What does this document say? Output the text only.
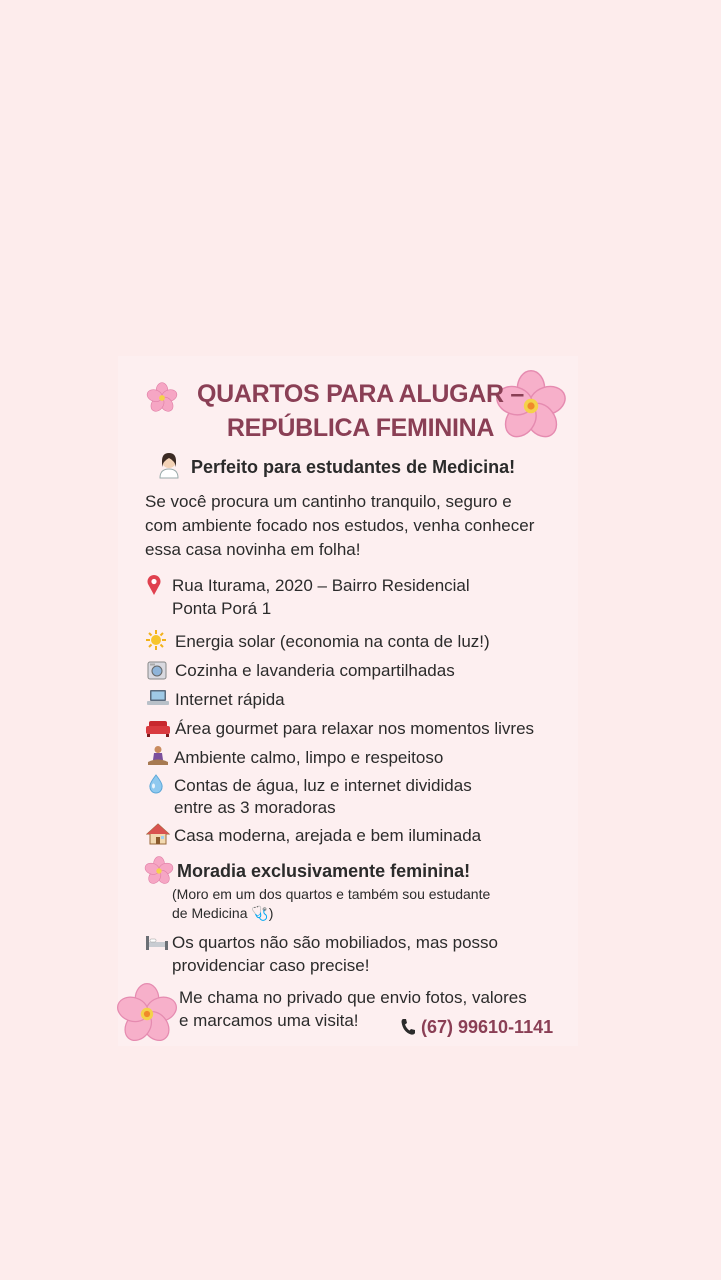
QUARTOS PARA ALUGAR –
REPÚBLICA FEMININA
Perfeito para estudantes de Medicina!
Se você procura um cantinho tranquilo, seguro e
com ambiente focado nos estudos, venha conhecer
essa casa novinha em folha!
Rua Iturama, 2020 – Bairro Residencial
Ponta Porá 1
Energia solar (economia na conta de luz!)
Cozinha e lavanderia compartilhadas
Internet rápida
Área gourmet para relaxar nos momentos livres
Ambiente calmo, limpo e respeitoso
Contas de água, luz e internet divididas
entre as 3 moradoras
Casa moderna, arejada e bem iluminada
Moradia exclusivamente feminina!
(Moro em um dos quartos e também sou estudante
de Medicina 🩺)
Os quartos não são mobiliados, mas posso
providenciar caso precise!
Me chama no privado que envio fotos, valores
e marcamos uma visita!	(67) 99610-1141
